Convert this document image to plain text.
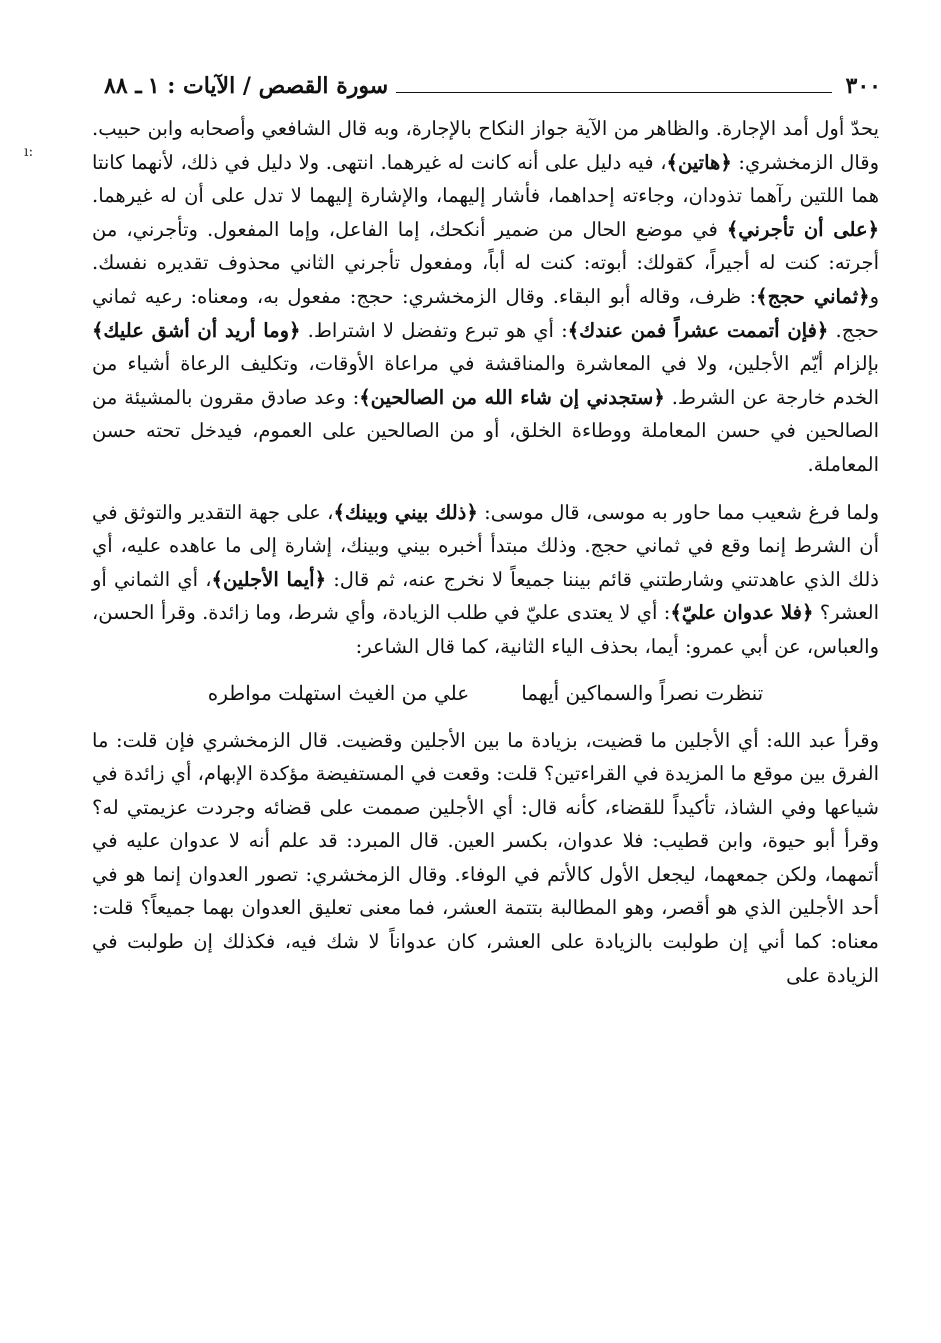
٣٠٠
سورة القصص / الآيات : ١
ـ ٨٨
ı:

يحدّ أول أمد الإجارة. والظاهر من الآية جواز النكاح بالإجارة، وبه قال الشافعي وأصحابه وابن حبيب. وقال الزمخشري: ﴿هاتين﴾، فيه دليل على أنه كانت له غيرهما. انتهى. ولا دليل في ذلك، لأنهما كانتا هما اللتين رآهما تذودان، وجاءته إحداهما، فأشار إليهما، والإشارة إليهما لا تدل على أن له غيرهما. ﴿على أن تأجرني﴾ في موضع الحال من ضمير أنكحك، إما الفاعل، وإما المفعول. وتأجرني، من أجرته: كنت له أجيراً، كقولك: أبوته: كنت له أباً، ومفعول تأجرني الثاني محذوف تقديره نفسك. و﴿ثماني حجج﴾: ظرف، وقاله أبو البقاء. وقال الزمخشري: حجج: مفعول به، ومعناه: رعيه ثماني حجج. ﴿فإن أتممت عشراً فمن عندك﴾: أي هو تبرع وتفضل لا اشتراط. ﴿وما أريد أن أشق عليك﴾ بإلزام أيّم الأجلين، ولا في المعاشرة والمناقشة في مراعاة الأوقات، وتكليف الرعاة أشياء من الخدم خارجة عن الشرط. ﴿ستجدني إن شاء الله من الصالحين﴾: وعد صادق مقرون بالمشيئة من الصالحين في حسن المعاملة ووطاءة الخلق، أو من الصالحين على العموم، فيدخل تحته حسن المعاملة.

ولما فرغ شعيب مما حاور به موسى، قال موسى: ﴿ذلك بيني وبينك﴾، على جهة التقدير والتوثق في أن الشرط إنما وقع في ثماني حجج. وذلك مبتدأ أخبره بيني وبينك، إشارة إلى ما عاهده عليه، أي ذلك الذي عاهدتني وشارطتني قائم بيننا جميعاً لا نخرج عنه، ثم قال: ﴿أيما الأجلين﴾، أي الثماني أو العشر؟ ﴿فلا عدوان عليّ﴾: أي لا يعتدى عليّ في طلب الزيادة، وأي شرط، وما زائدة. وقرأ الحسن، والعباس، عن أبي عمرو: أيما، بحذف الياء الثانية، كما قال الشاعر:

تنظرت نصراً والسماكين أيهما
علي من الغيث استهلت مواطره

وقرأ عبد الله: أي الأجلين ما قضيت، بزيادة ما بين الأجلين وقضيت. قال الزمخشري فإن قلت: ما الفرق بين موقع ما المزيدة في القراءتين؟ قلت: وقعت في المستفيضة مؤكدة الإبهام، أي زائدة في شياعها وفي الشاذ، تأكيداً للقضاء، كأنه قال: أي الأجلين صممت على قضائه وجردت عزيمتي له؟ وقرأ أبو حيوة، وابن قطيب: فلا عدوان، بكسر العين. قال المبرد: قد علم أنه لا عدوان عليه في أتمهما، ولكن جمعهما، ليجعل الأول كالأتم في الوفاء. وقال الزمخشري: تصور العدوان إنما هو في أحد الأجلين الذي هو أقصر، وهو المطالبة بتتمة العشر، فما معنى تعليق العدوان بهما جميعاً؟ قلت: معناه: كما أني إن طولبت بالزيادة على العشر، كان عدواناً لا شك فيه، فكذلك إن طولبت في الزيادة على
